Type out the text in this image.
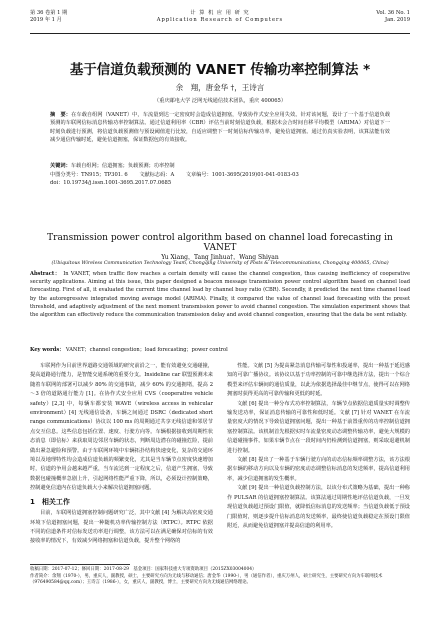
第 36 卷第 1 期
2019 年 1 月
计 算 机 应 用 研 究
Application Research of Computers
Vol. 36 No. 1
Jan. 2019
基于信道负载预测的 VANET 传输功率控制算法 *
余　翔，唐金华 †，王诗言
（重庆邮电大学 泛网无线通信技术团队，重庆 400065）
摘　要：在车载自组网（VANET）中，车流量到达一定密度时会造成信道拥塞，导致协作式安全应用失效。针对该问题，设计了一个基于信道负载预测的车联网信标消息传输功率控制算法。通过信道利用率（CBR）评估当前时刻信道负载，根据未会合时间自移平均模型（ARIMA）对信道下一时刻负载进行预测，将信道负载预测值与预设阈值进行比较，自适应调整下一时刻信标传输功率，避免信道拥塞。通过仿真实验表明，该算法能有效减少通信传输时延，避免信道拥塞，保证数据包的有效接收。
关键词：车载自组网；信道拥塞；负载预测；功率控制
中图分类号：TN915；TP301. 6 文献标志码：A 文章编号：1001-3695(2019)01-041-0183-03
doi：10.19734/j.issn.1001-3695.2017.07.0685
Transmission power control algorithm based on channel load forecasting in VANET
Yu Xiang，Tang Jinhua†，Wang Shiyan
(Ubiquitous Wireless Communication Technology Team, Chongqing University of Posts & Telecommunications, Chongqing 400065, China)
Abstract： In VANET, when traffic flow reaches a certain density will cause the channel congestion, thus causing inefficiency of cooperative security applications. Aiming at this issue, this paper designed a beacon message transmission power control algorithm based on channel load forecasting. First of all, it evaluated the current time channel load by channel busy ratio (CBR). Secondly, it predicted the next time channel load by the autoregressive integrated moving average model (ARIMA). Finally, it compared the value of channel load forecasting with the preset threshold, and adaptively adjustment of the next moment transmission power to avoid channel congestion. The simulation experiment shows that the algorithm can effectively reduce the communication transmission delay and avoid channel congestion, ensuring that the data be sent reliably.
Key words： VANET；channel congestion；load forecasting；power control

车联网作为目前世界道路交通领域的研究前沿之一，能有效避免交通碰撞，提高道路通行能力，是智能交通系统的重要分支。Insideline car 联盟预测未来随着车联网的部署可以减少 80% 的交通事故，减少 60% 的交通拥堵，提高 2～3 倍的道路通行能力 [1]。在协作式安全应用 CVS（cooperative vehicle safety）[2,3] 中，每辆车都安装 WAVE（wireless access in vehicular environment）[4] 无线通信设备，车辆之间通过 DSRC（dedicated short range communications）协议以 100 ms 的周期通过共享无线信道和邻居节点交互信息。这些信息包括位置、速度、行驶方向等。车辆根据接收到周期性状态消息（即信标）来获取周边邻居车辆的状态，判断周边潜在的碰撞危险，提前做出紧急避险和预警。由于车联网环境中车辆拓扑结构快速变化，复杂的交通环境以及地理特性均会造成信道负载的频繁变化，尤其是当车辆节点密度快速增加时，信道的争用会越来越严重，当车流达到一定程度之后，信道产生拥塞，导致数据包碰撞概率急剧上升，引起网络性能严重下降，所以，必须设计控制策略，控制避免信道内在信道负载大小来解决信道拥塞问题。

1　相关工作

目前，车联网信道拥塞控制问题研究广泛，其中文献 [4] 为解决高密度交通环境下信道拥塞问题，提出一种随机功率传输控制方法（RTPC）。RTPC 依据不同的信道条件对信标发送功率进行调整，该方法可以在满足确保对信标的有效接收率的情况下，有效减少网络拥塞和信道负载，提升整个网络的

性能。文献 [5] 为提高紧急消息传输可靠性和投递率，提出一种基于延迟感知的可靠广播协议。该协议以基于功率控制的可靠中继选择方法，提出一个综合模型来评估车辆间的通信质量，以此为依据选择最佳中继节点，使得可以在网络拥塞时获得更高的可靠传输和更低的时延。

文献 [6] 提出一种分布式功率控制算法，车辆节点依据信道质量实时调整传输发送功率，保证消息传输的可靠性和低时延。文献 [7] 针对 VANET 在车流量密度大的情况下导致信道拥塞问题，提出一种基于前置重传的功率控制信道拥塞控制算法。该机制首先根据实时车流量密度动态调整传输功率，避免大规模的信道碰撞事件。如果车辆节点在一段时间内仍检测到信道拥塞，则采取退避机制进行控制。

文献 [8] 提出了一种基于车辆行驶方向的动态信标频率调整方法，该方法根据车辆的移动方向以及车辆的密度动态调整信标消息的发送频率，提高信道利用率，减少信道拥塞的发生概率。

文献 [9] 提出一种信道负载控制方法，以该分布式策略为基础，提出一种称作 PULSAR 的信道拥塞控制算法。该算法通过周期性地评估信道负载，一旦发现信道负载超过预设门限值，就降低信标消息的发送频率；当信道负载低于预设门限值时，则逐步提升信标消息的发送频率，最终使信道负载稳定在预设门限值附近，从而避免信道拥塞并提高信道的利用率。

收稿日期：2017-07-12；修回日期：2017-08-29　基金项目：国家科技重大专项资助项目（2015ZX03004004）
作者简介：余翔（1970-），男，重庆人，副教授，硕士，主要研究方向为无线与移动通信；唐金华（1990-），男（通信作者），重庆万州人，硕士研究生，主要研究方向为车联网技术（976490584@qq.com）；王诗言（1986-），女，重庆人，副教授，博士，主要研究方向为无线通信网络理论。
